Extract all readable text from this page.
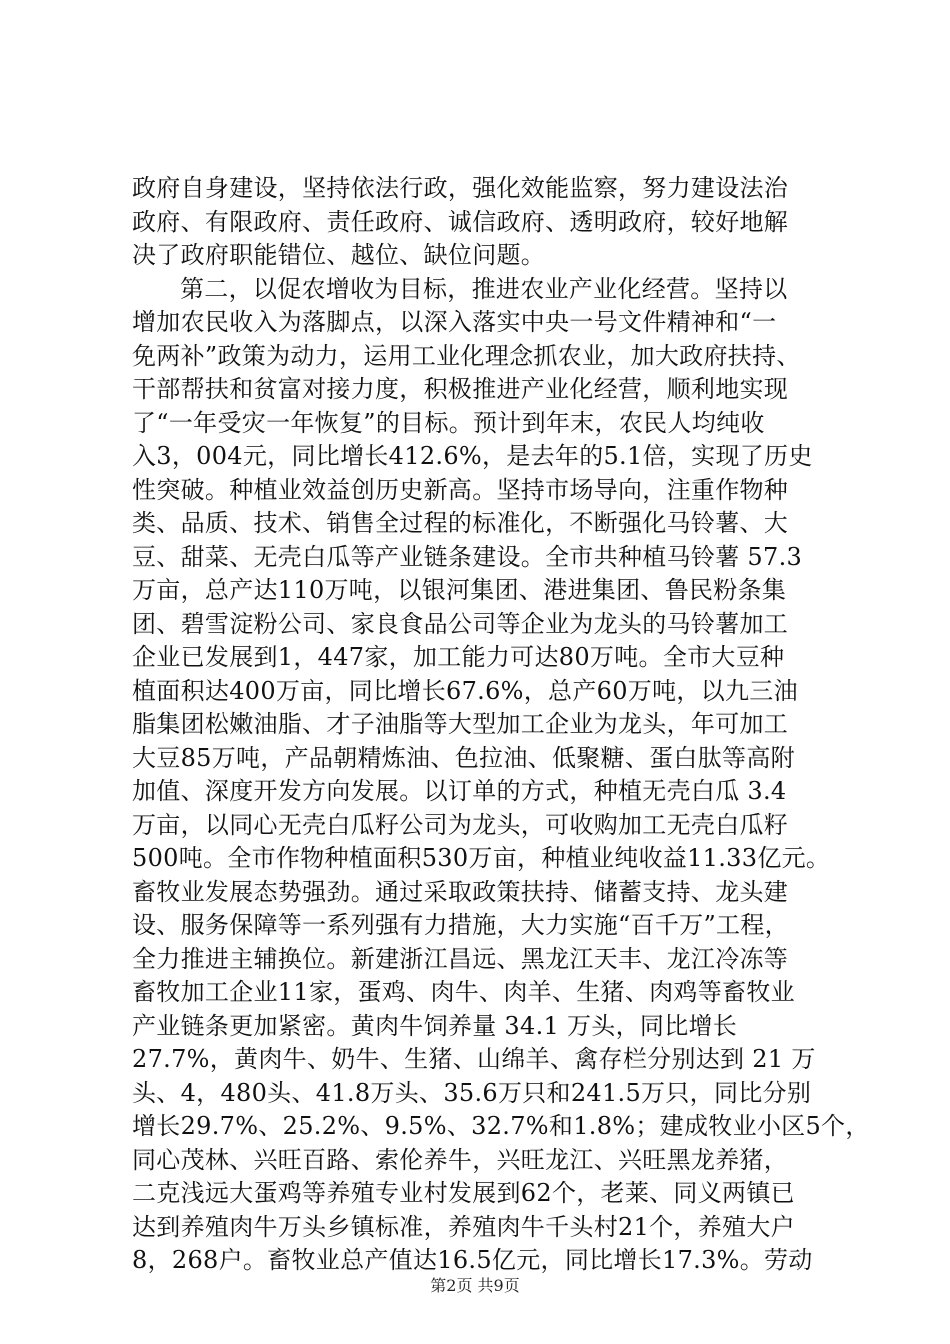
政府自身建设，坚持依法行政，强化效能监察，努力建设法治
政府、有限政府、责任政府、诚信政府、透明政府，较好地解
决了政府职能错位、越位、缺位问题。
第二，以促农增收为目标，推进农业产业化经营。坚持以
增加农民收入为落脚点，以深入落实中央一号文件精神和“一
免两补”政策为动力，运用工业化理念抓农业，加大政府扶持、
干部帮扶和贫富对接力度，积极推进产业化经营，顺利地实现
了“一年受灾一年恢复”的目标。预计到年末，农民人均纯收
入3，004元，同比增长412.6%，是去年的5.1倍，实现了历史
性突破。种植业效益创历史新高。坚持市场导向，注重作物种
类、品质、技术、销售全过程的标准化，不断强化马铃薯、大
豆、甜菜、无壳白瓜等产业链条建设。全市共种植马铃薯 57.3
万亩，总产达110万吨，以银河集团、港进集团、鲁民粉条集
团、碧雪淀粉公司、家良食品公司等企业为龙头的马铃薯加工
企业已发展到1，447家，加工能力可达80万吨。全市大豆种
植面积达400万亩，同比增长67.6%，总产60万吨，以九三油
脂集团松嫩油脂、才子油脂等大型加工企业为龙头，年可加工
大豆85万吨，产品朝精炼油、色拉油、低聚糖、蛋白肽等高附
加值、深度开发方向发展。以订单的方式，种植无壳白瓜 3.4
万亩，以同心无壳白瓜籽公司为龙头，可收购加工无壳白瓜籽
500吨。全市作物种植面积530万亩，种植业纯收益11.33亿元。
畜牧业发展态势强劲。通过采取政策扶持、储蓄支持、龙头建
设、服务保障等一系列强有力措施，大力实施“百千万”工程，
全力推进主辅换位。新建浙江昌远、黑龙江天丰、龙江冷冻等
畜牧加工企业11家，蛋鸡、肉牛、肉羊、生猪、肉鸡等畜牧业
产业链条更加紧密。黄肉牛饲养量 34.1 万头，同比增长
27.7%，黄肉牛、奶牛、生猪、山绵羊、禽存栏分别达到 21 万
头、4，480头、41.8万头、35.6万只和241.5万只，同比分别
增长29.7%、25.2%、9.5%、32.7%和1.8%；建成牧业小区5个，
同心茂林、兴旺百路、索伦养牛，兴旺龙江、兴旺黑龙养猪，
二克浅远大蛋鸡等养殖专业村发展到62个，老莱、同义两镇已
达到养殖肉牛万头乡镇标准，养殖肉牛千头村21个，养殖大户
8，268户。畜牧业总产值达16.5亿元，同比增长17.3%。劳动
第2页 共9页
